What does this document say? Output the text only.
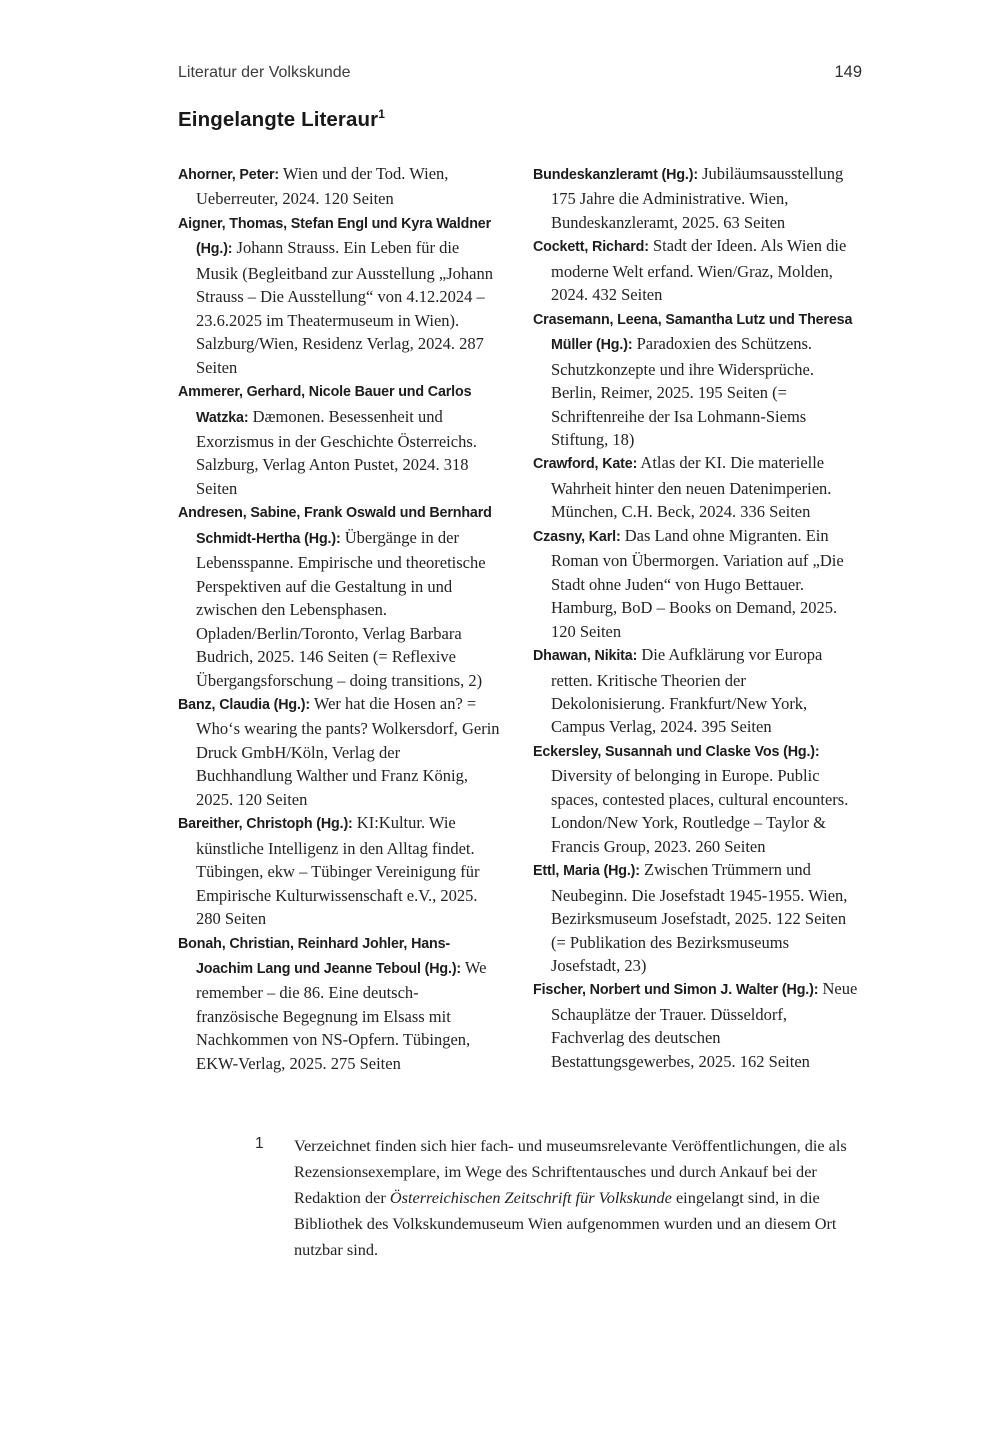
Literatur der Volkskunde	149
Eingelangte Literaur$^1$

Ahorner, Peter: Wien und der Tod. Wien, Ueberreuter, 2024. 120 Seiten

Aigner, Thomas, Stefan Engl und Kyra Waldner (Hg.): Johann Strauss. Ein Leben für die Musik (Begleitband zur Ausstellung „Johann Strauss – Die Ausstellung“ von 4.12.2024 – 23.6.2025 im Theatermuseum in Wien). Salzburg/Wien, Residenz Verlag, 2024. 287 Seiten

Ammerer, Gerhard, Nicole Bauer und Carlos Watzka: Dæmonen. Besessenheit und Exorzismus in der Geschichte Österreichs. Salzburg, Verlag Anton Pustet, 2024. 318 Seiten

Andresen, Sabine, Frank Oswald und Bernhard Schmidt-Hertha (Hg.): Übergänge in der Lebensspanne. Empirische und theoretische Perspektiven auf die Gestaltung in und zwischen den Lebensphasen. Opladen/Berlin/Toronto, Verlag Barbara Budrich, 2025. 146 Seiten (= Reflexive Übergangsforschung – doing transitions, 2)

Banz, Claudia (Hg.): Wer hat die Hosen an? = Who‘s wearing the pants? Wolkersdorf, Gerin Druck GmbH/Köln, Verlag der Buchhandlung Walther und Franz König, 2025. 120 Seiten

Bareither, Christoph (Hg.): KI:Kultur. Wie künstliche Intelligenz in den Alltag findet. Tübingen, ekw – Tübinger Vereinigung für Empirische Kulturwissenschaft e.V., 2025. 280 Seiten

Bonah, Christian, Reinhard Johler, Hans-Joachim Lang und Jeanne Teboul (Hg.): We remember – die 86. Eine deutsch-französische Begegnung im Elsass mit Nachkommen von NS-Opfern. Tübingen, EKW-Verlag, 2025. 275 Seiten

Bundeskanzleramt (Hg.): Jubiläumsausstellung 175 Jahre die Administrative. Wien, Bundeskanzleramt, 2025. 63 Seiten

Cockett, Richard: Stadt der Ideen. Als Wien die moderne Welt erfand. Wien/Graz, Molden, 2024. 432 Seiten

Crasemann, Leena, Samantha Lutz und Theresa Müller (Hg.): Paradoxien des Schützens. Schutzkonzepte und ihre Widersprüche. Berlin, Reimer, 2025. 195 Seiten (= Schriftenreihe der Isa Lohmann-Siems Stiftung, 18)

Crawford, Kate: Atlas der KI. Die materielle Wahrheit hinter den neuen Datenimperien. München, C.H. Beck, 2024. 336 Seiten

Czasny, Karl: Das Land ohne Migranten. Ein Roman von Übermorgen. Variation auf „Die Stadt ohne Juden“ von Hugo Bettauer. Hamburg, BoD – Books on Demand, 2025. 120 Seiten

Dhawan, Nikita: Die Aufklärung vor Europa retten. Kritische Theorien der Dekolonisierung. Frankfurt/New York, Campus Verlag, 2024. 395 Seiten

Eckersley, Susannah und Claske Vos (Hg.): Diversity of belonging in Europe. Public spaces, contested places, cultural encounters. London/New York, Routledge – Taylor & Francis Group, 2023. 260 Seiten

Ettl, Maria (Hg.): Zwischen Trümmern und Neubeginn. Die Josefstadt 1945-1955. Wien, Bezirksmuseum Josefstadt, 2025. 122 Seiten (= Publikation des Bezirksmuseums Josefstadt, 23)

Fischer, Norbert und Simon J. Walter (Hg.): Neue Schauplätze der Trauer. Düsseldorf, Fachverlag des deutschen Bestattungsgewerbes, 2025. 162 Seiten

1	Verzeichnet finden sich hier fach- und museumsrelevante Veröffentlichungen, die als Rezensionsexemplare, im Wege des Schriftentausches und durch Ankauf bei der Redaktion der Österreichischen Zeitschrift für Volkskunde eingelangt sind, in die Bibliothek des Volkskundemuseum Wien aufgenommen wurden und an diesem Ort nutzbar sind.
